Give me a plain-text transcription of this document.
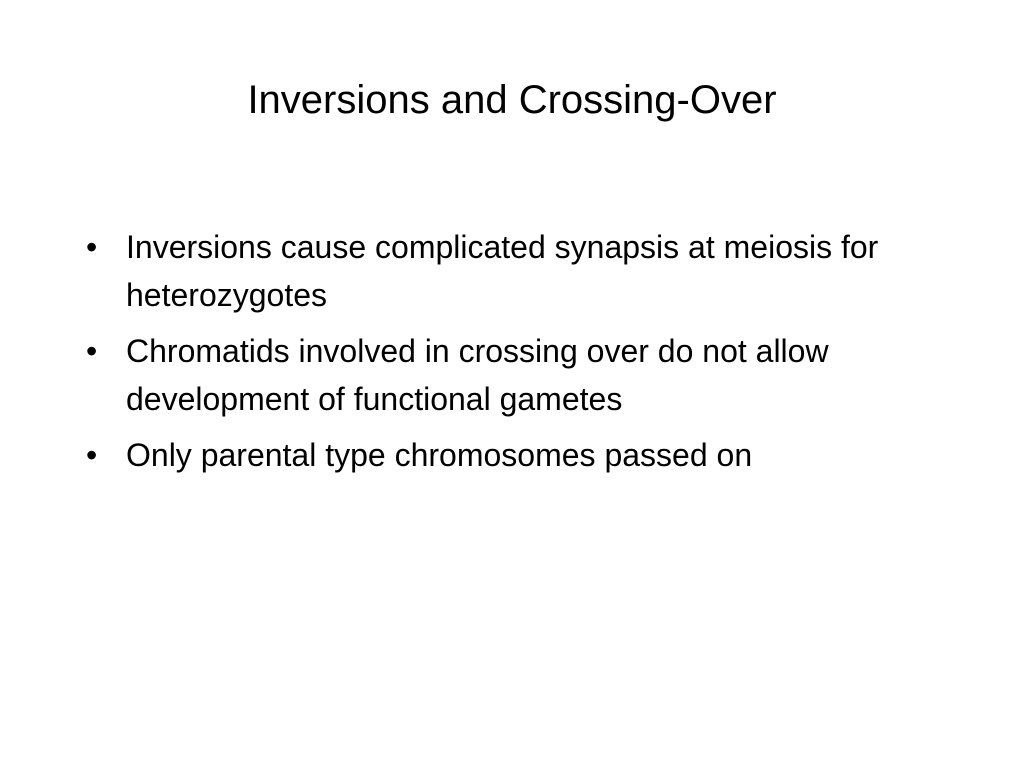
Inversions and Crossing-Over
• Inversions cause complicated synapsis at meiosis for heterozygotes
• Chromatids involved in crossing over do not allow development of functional gametes
• Only parental type chromosomes passed on
